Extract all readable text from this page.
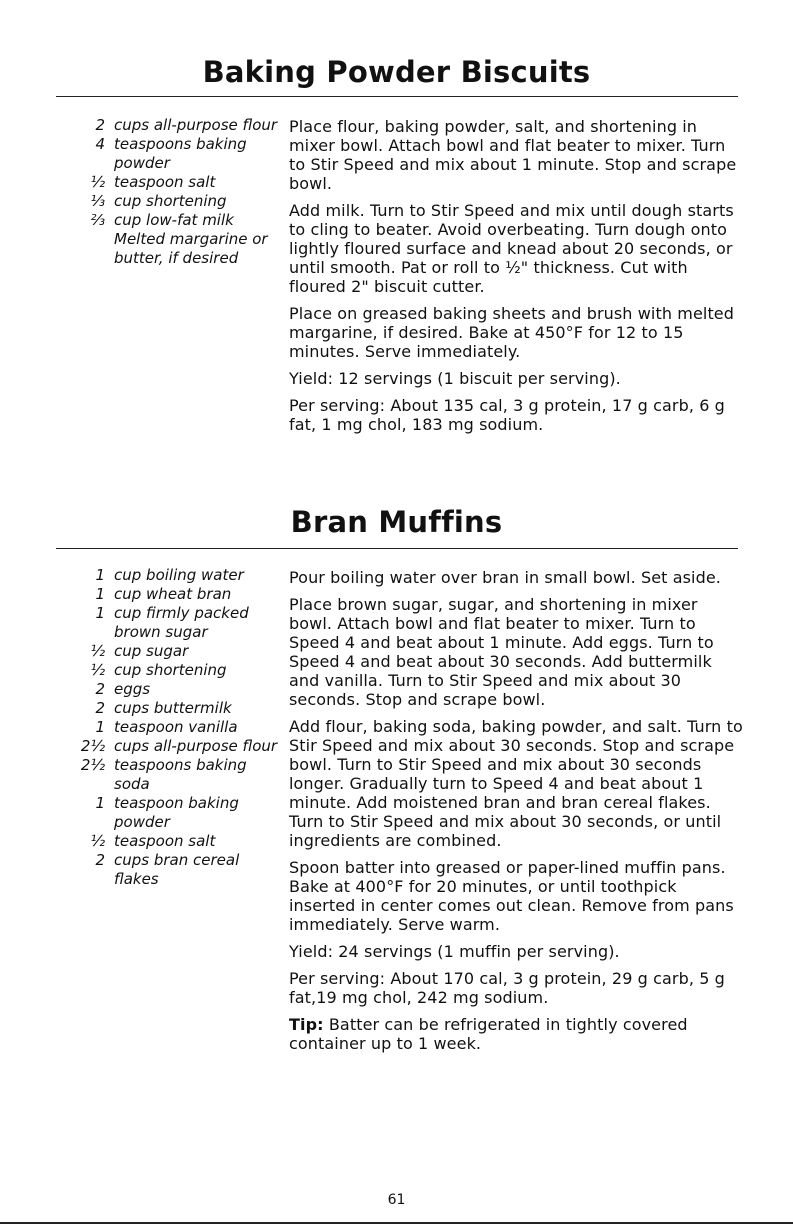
Baking Powder Biscuits
2 cups all-purpose flour
4 teaspoons baking powder
½ teaspoon salt
⅓ cup shortening
⅔ cup low-fat milk
Melted margarine or butter, if desired

Place flour, baking powder, salt, and shortening in mixer bowl. Attach bowl and flat beater to mixer. Turn to Stir Speed and mix about 1 minute. Stop and scrape bowl.

Add milk. Turn to Stir Speed and mix until dough starts to cling to beater. Avoid overbeating. Turn dough onto lightly floured surface and knead about 20 seconds, or until smooth. Pat or roll to ½" thickness. Cut with floured 2" biscuit cutter.

Place on greased baking sheets and brush with melted margarine, if desired. Bake at 450°F for 12 to 15 minutes. Serve immediately.

Yield: 12 servings (1 biscuit per serving).

Per serving: About 135 cal, 3 g protein, 17 g carb, 6 g fat, 1 mg chol, 183 mg sodium.

Bran Muffins
1 cup boiling water
1 cup wheat bran
1 cup firmly packed brown sugar
½ cup sugar
½ cup shortening
2 eggs
2 cups buttermilk
1 teaspoon vanilla
2½ cups all-purpose flour
2½ teaspoons baking soda
1 teaspoon baking powder
½ teaspoon salt
2 cups bran cereal flakes

Pour boiling water over bran in small bowl. Set aside.

Place brown sugar, sugar, and shortening in mixer bowl. Attach bowl and flat beater to mixer. Turn to Speed 4 and beat about 1 minute. Add eggs. Turn to Speed 4 and beat about 30 seconds. Add buttermilk and vanilla. Turn to Stir Speed and mix about 30 seconds. Stop and scrape bowl.

Add flour, baking soda, baking powder, and salt. Turn to Stir Speed and mix about 30 seconds. Stop and scrape bowl. Turn to Stir Speed and mix about 30 seconds longer. Gradually turn to Speed 4 and beat about 1 minute. Add moistened bran and bran cereal flakes. Turn to Stir Speed and mix about 30 seconds, or until ingredients are combined.

Spoon batter into greased or paper-lined muffin pans. Bake at 400°F for 20 minutes, or until toothpick inserted in center comes out clean. Remove from pans immediately. Serve warm.

Yield: 24 servings (1 muffin per serving).

Per serving: About 170 cal, 3 g protein, 29 g carb, 5 g fat,19 mg chol, 242 mg sodium.

Tip: Batter can be refrigerated in tightly covered container up to 1 week.

61
